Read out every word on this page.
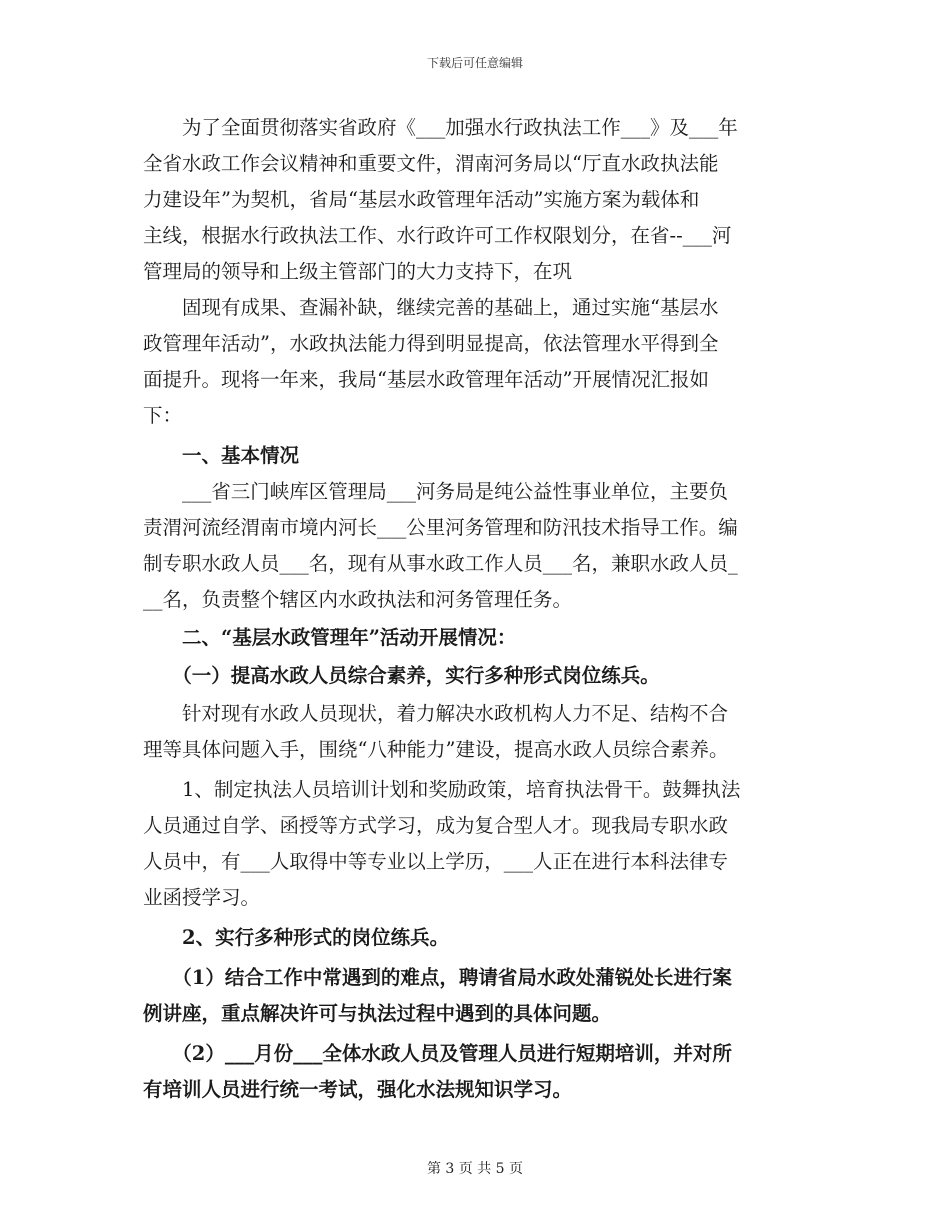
下载后可任意编辑
　　为了全面贯彻落实省政府《___加强水行政执法工作___》及___年
全省水政工作会议精神和重要文件，渭南河务局以“厅直水政执法能
力建设年”为契机，省局“基层水政管理年活动”实施方案为载体和
主线，根据水行政执法工作、水行政许可工作权限划分，在省--___河
管理局的领导和上级主管部门的大力支持下，在巩
　　固现有成果、查漏补缺，继续完善的基础上，通过实施“基层水
政管理年活动”，水政执法能力得到明显提高，依法管理水平得到全
面提升。现将一年来，我局“基层水政管理年活动”开展情况汇报如
下：
　　一、基本情况
　　___省三门峡库区管理局___河务局是纯公益性事业单位，主要负
责渭河流经渭南市境内河长___公里河务管理和防汛技术指导工作。编
制专职水政人员___名，现有从事水政工作人员___名，兼职水政人员_
__名，负责整个辖区内水政执法和河务管理任务。
　　二、“基层水政管理年”活动开展情况：
　　（一）提高水政人员综合素养，实行多种形式岗位练兵。
　　针对现有水政人员现状，着力解决水政机构人力不足、结构不合
理等具体问题入手，围绕“八种能力”建设，提高水政人员综合素养。
　　1、制定执法人员培训计划和奖励政策，培育执法骨干。鼓舞执法
人员通过自学、函授等方式学习，成为复合型人才。现我局专职水政
人员中，有___人取得中等专业以上学历，___人正在进行本科法律专
业函授学习。
　　2、实行多种形式的岗位练兵。
　　（1）结合工作中常遇到的难点，聘请省局水政处蒲锐处长进行案
例讲座，重点解决许可与执法过程中遇到的具体问题。
　　（2）___月份___全体水政人员及管理人员进行短期培训，并对所
有培训人员进行统一考试，强化水法规知识学习。
第 3 页 共 5 页
